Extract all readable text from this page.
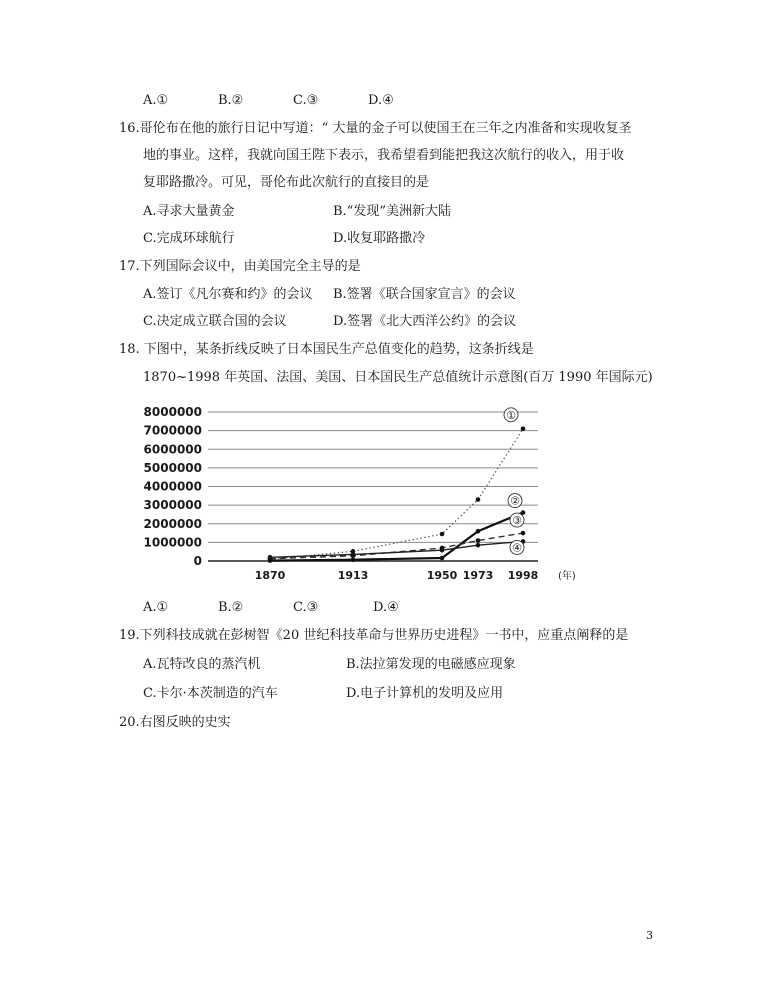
A.①	B.②	C.③	D.④
16.哥伦布在他的旅行日记中写道：“ 大量的金子可以使国王在三年之内准备和实现收复圣
地的事业。这样，我就向国王陛下表示，我希望看到能把我这次航行的收入，用于收
复耶路撒冷。可见，哥伦布此次航行的直接目的是
A.寻求大量黄金	B.“发现”美洲新大陆
C.完成环球航行	D.收复耶路撒冷
17.下列国际会议中，由美国完全主导的是
A.签订《凡尔赛和约》的会议 B.签署《联合国家宣言》的会议
C.决定成立联合国的会议	D.签署《北大西洋公约》的会议
18. 下图中，某条折线反映了日本国民生产总值变化的趋势，这条折线是
1870~1998 年英国、法国、美国、日本国民生产总值统计示意图(百万 1990 年国际元)
8000000
7000000
6000000
5000000
4000000
3000000
2000000
1000000
0
1870	1913	1950 1973 1998 (年)
①
②
③
④
A.①	B.②	C.③	D.④
19.下列科技成就在彭树智《20 世纪科技革命与世界历史进程》一书中，应重点阐释的是
A.瓦特改良的蒸汽机	B.法拉第发现的电磁感应现象
C.卡尔·本茨制造的汽车	D.电子计算机的发明及应用
20.右图反映的史实
3
